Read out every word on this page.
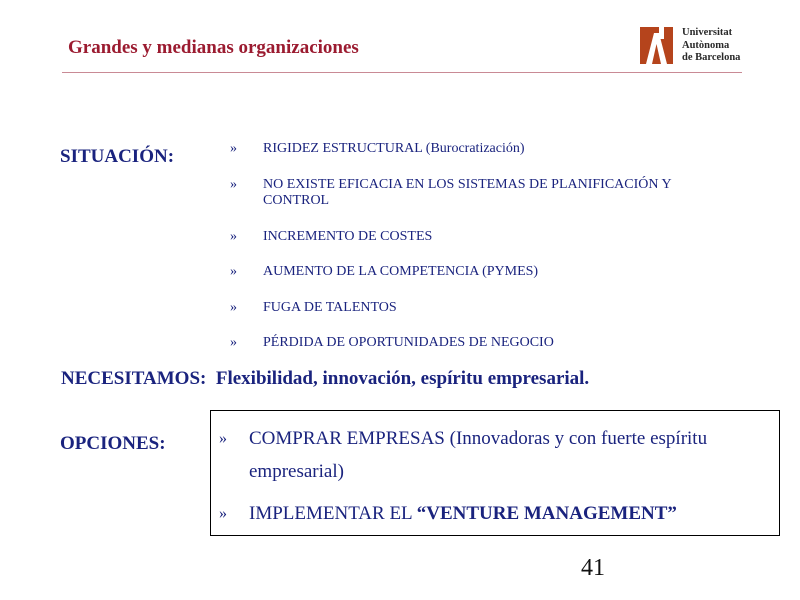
Grandes y medianas organizaciones
Universitat
Autònoma
de Barcelona
SITUACIÓN:	» RIGIDEZ ESTRUCTURAL (Burocratización)
» NO EXISTE EFICACIA EN LOS SISTEMAS DE PLANIFICACIÓN Y CONTROL
» INCREMENTO DE COSTES
» AUMENTO DE LA COMPETENCIA (PYMES)
» FUGA DE TALENTOS
» PÉRDIDA DE OPORTUNIDADES DE NEGOCIO
NECESITAMOS: Flexibilidad, innovación, espíritu empresarial.
OPCIONES:	»	COMPRAR EMPRESAS (Innovadoras y con fuerte espíritu empresarial)
»	IMPLEMENTAR EL “VENTURE MANAGEMENT”
41
